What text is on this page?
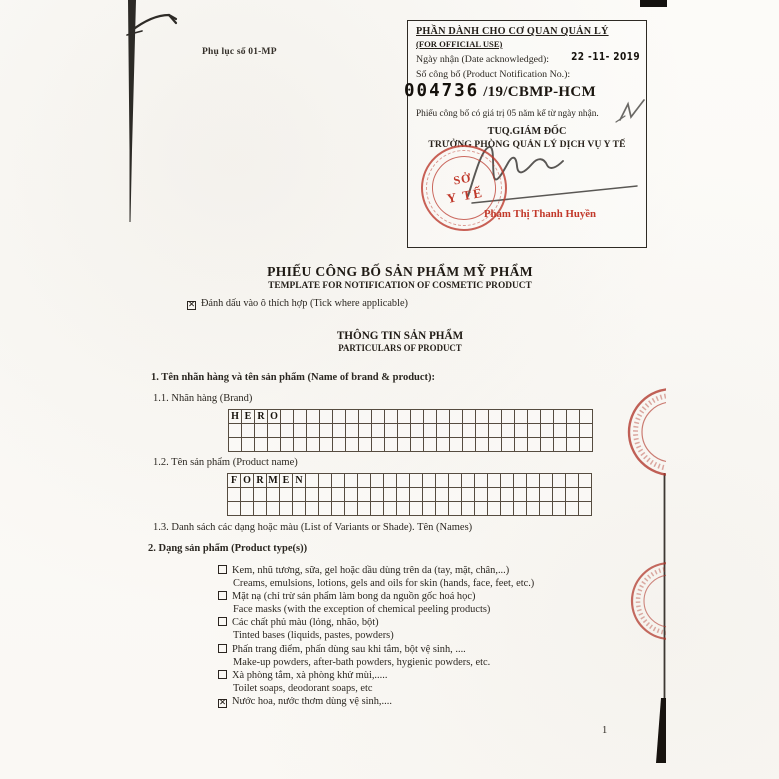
Phụ lục số 01-MP
PHẦN DÀNH CHO CƠ QUAN QUẢN LÝ
(FOR OFFICIAL USE)
Ngày nhận (Date acknowledged): 22 -11- 2019
Số công bố (Product Notification No.):
004736 /19/CBMP-HCM
Phiếu công bố có giá trị 05 năm kể từ ngày nhận.
TUQ.GIÁM ĐỐC
TRƯỞNG PHÒNG QUẢN LÝ DỊCH VỤ Y TẾ
SỞ
Y TẾ
Phạm Thị Thanh Huyền
PHIẾU CÔNG BỐ SẢN PHẨM MỸ PHẨM
TEMPLATE FOR NOTIFICATION OF COSMETIC PRODUCT
✕ Đánh dấu vào ô thích hợp (Tick where applicable)
THÔNG TIN SẢN PHẨM
PARTICULARS OF PRODUCT
1. Tên nhãn hàng và tên sản phẩm (Name of brand & product):
1.1. Nhãn hàng (Brand)
H E R O
1.2. Tên sản phẩm (Product name)
F O R M E N
1.3. Danh sách các dạng hoặc màu (List of Variants or Shade). Tên (Names)
2. Dạng sản phẩm (Product type(s))
Kem, nhũ tương, sữa, gel hoặc dầu dùng trên da (tay, mặt, chân,...)
Creams, emulsions, lotions, gels and oils for skin (hands, face, feet, etc.)
Mặt nạ (chỉ trừ sản phẩm làm bong da nguồn gốc hoá học)
Face masks (with the exception of chemical peeling products)
Các chất phủ màu (lỏng, nhão, bột)
Tinted bases (liquids, pastes, powders)
Phấn trang điểm, phấn dùng sau khi tắm, bột vệ sinh, ....
Make-up powders, after-bath powders, hygienic powders, etc.
Xà phòng tắm, xà phòng khử mùi,.....
Toilet soaps, deodorant soaps, etc
✕ Nước hoa, nước thơm dùng vệ sinh,....
1
